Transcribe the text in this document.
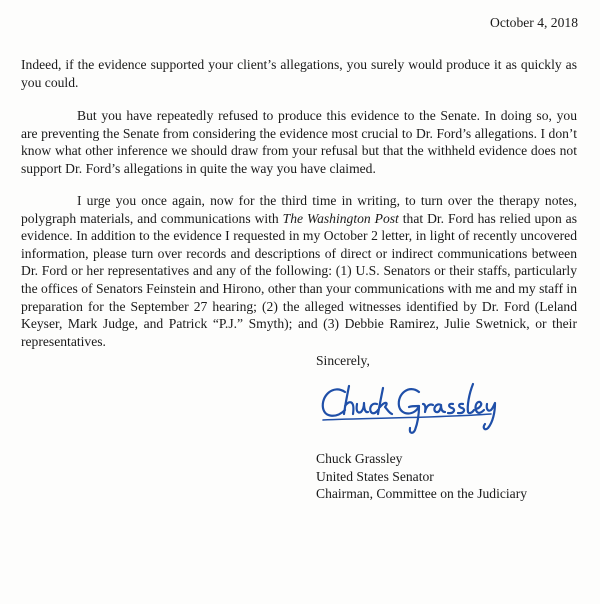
October 4, 2018

Indeed, if the evidence supported your client’s allegations, you surely would produce it as quickly as you could.

But you have repeatedly refused to produce this evidence to the Senate. In doing so, you are preventing the Senate from considering the evidence most crucial to Dr. Ford’s allegations. I don’t know what other inference we should draw from your refusal but that the withheld evidence does not support Dr. Ford’s allegations in quite the way you have claimed.

I urge you once again, now for the third time in writing, to turn over the therapy notes, polygraph materials, and communications with The Washington Post that Dr. Ford has relied upon as evidence. In addition to the evidence I requested in my October 2 letter, in light of recently uncovered information, please turn over records and descriptions of direct or indirect communications between Dr. Ford or her representatives and any of the following: (1) U.S. Senators or their staffs, particularly the offices of Senators Feinstein and Hirono, other than your communications with me and my staff in preparation for the September 27 hearing; (2) the alleged witnesses identified by Dr. Ford (Leland Keyser, Mark Judge, and Patrick “P.J.” Smyth); and (3) Debbie Ramirez, Julie Swetnick, or their representatives.

Sincerely,
Chuck Grassley
United States Senator
Chairman, Committee on the Judiciary
